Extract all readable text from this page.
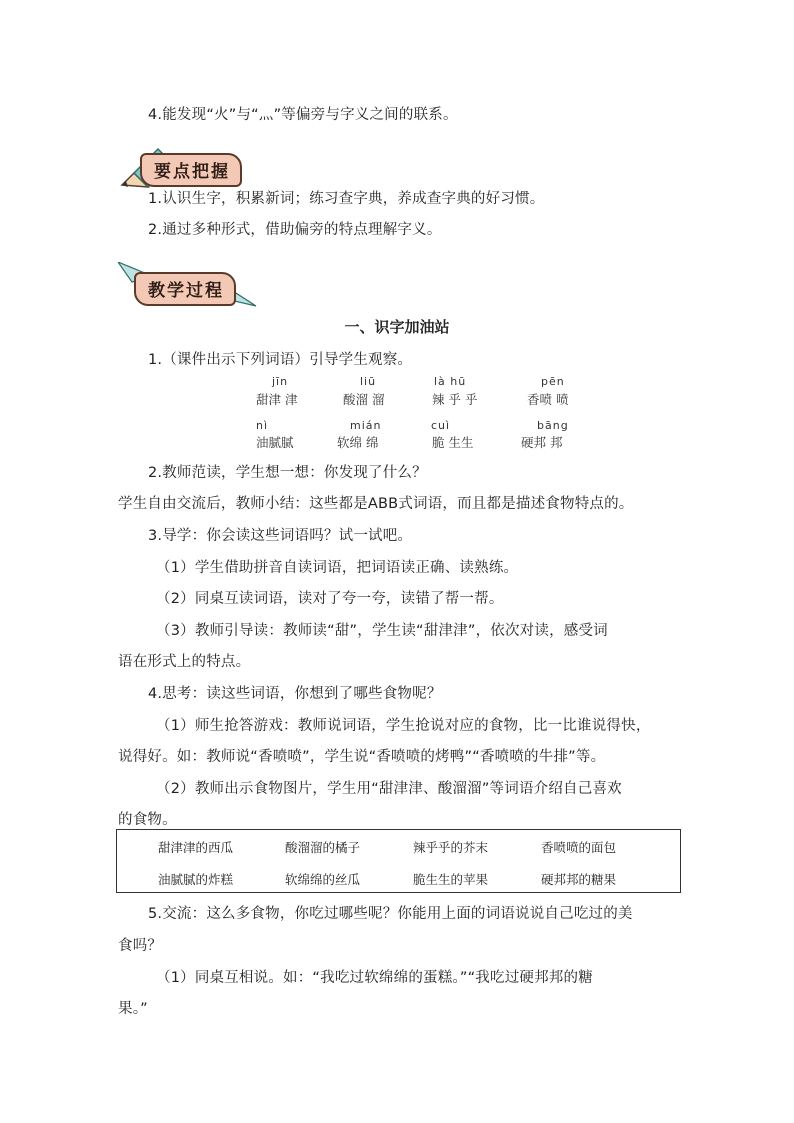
4.能发现“火”与“灬”等偏旁与字义之间的联系。
要点把握
1.认识生字，积累新词；练习查字典，养成查字典的好习惯。
2.通过多种形式，借助偏旁的特点理解字义。
教学过程
一、识字加油站
1.（课件出示下列词语）引导学生观察。
jīn	liū	là hū	pēn
甜津 津	酸溜 溜	辣 乎 乎	香喷 喷
nì	mián	cuì	bāng
油腻腻	软绵 绵	脆 生生	硬邦 邦
2.教师范读，学生想一想：你发现了什么？
学生自由交流后，教师小结：这些都是ABB式词语，而且都是描述食物特点的。
3.导学：你会读这些词语吗？试一试吧。
（1）学生借助拼音自读词语，把词语读正确、读熟练。
（2）同桌互读词语，读对了夸一夸，读错了帮一帮。
（3）教师引导读：教师读“甜”，学生读“甜津津”，依次对读，感受词
语在形式上的特点。
4.思考：读这些词语，你想到了哪些食物呢？
（1）师生抢答游戏：教师说词语，学生抢说对应的食物，比一比谁说得快，
说得好。如：教师说“香喷喷”，学生说“香喷喷的烤鸭”“香喷喷的牛排”等。
（2）教师出示食物图片，学生用“甜津津、酸溜溜”等词语介绍自己喜欢
的食物。
甜津津的西瓜	酸溜溜的橘子	辣乎乎的芥末	香喷喷的面包
油腻腻的炸糕	软绵绵的丝瓜	脆生生的苹果	硬邦邦的糖果
5.交流：这么多食物，你吃过哪些呢？你能用上面的词语说说自己吃过的美
食吗？
（1）同桌互相说。如：“我吃过软绵绵的蛋糕。”“我吃过硬邦邦的糖
果。”
